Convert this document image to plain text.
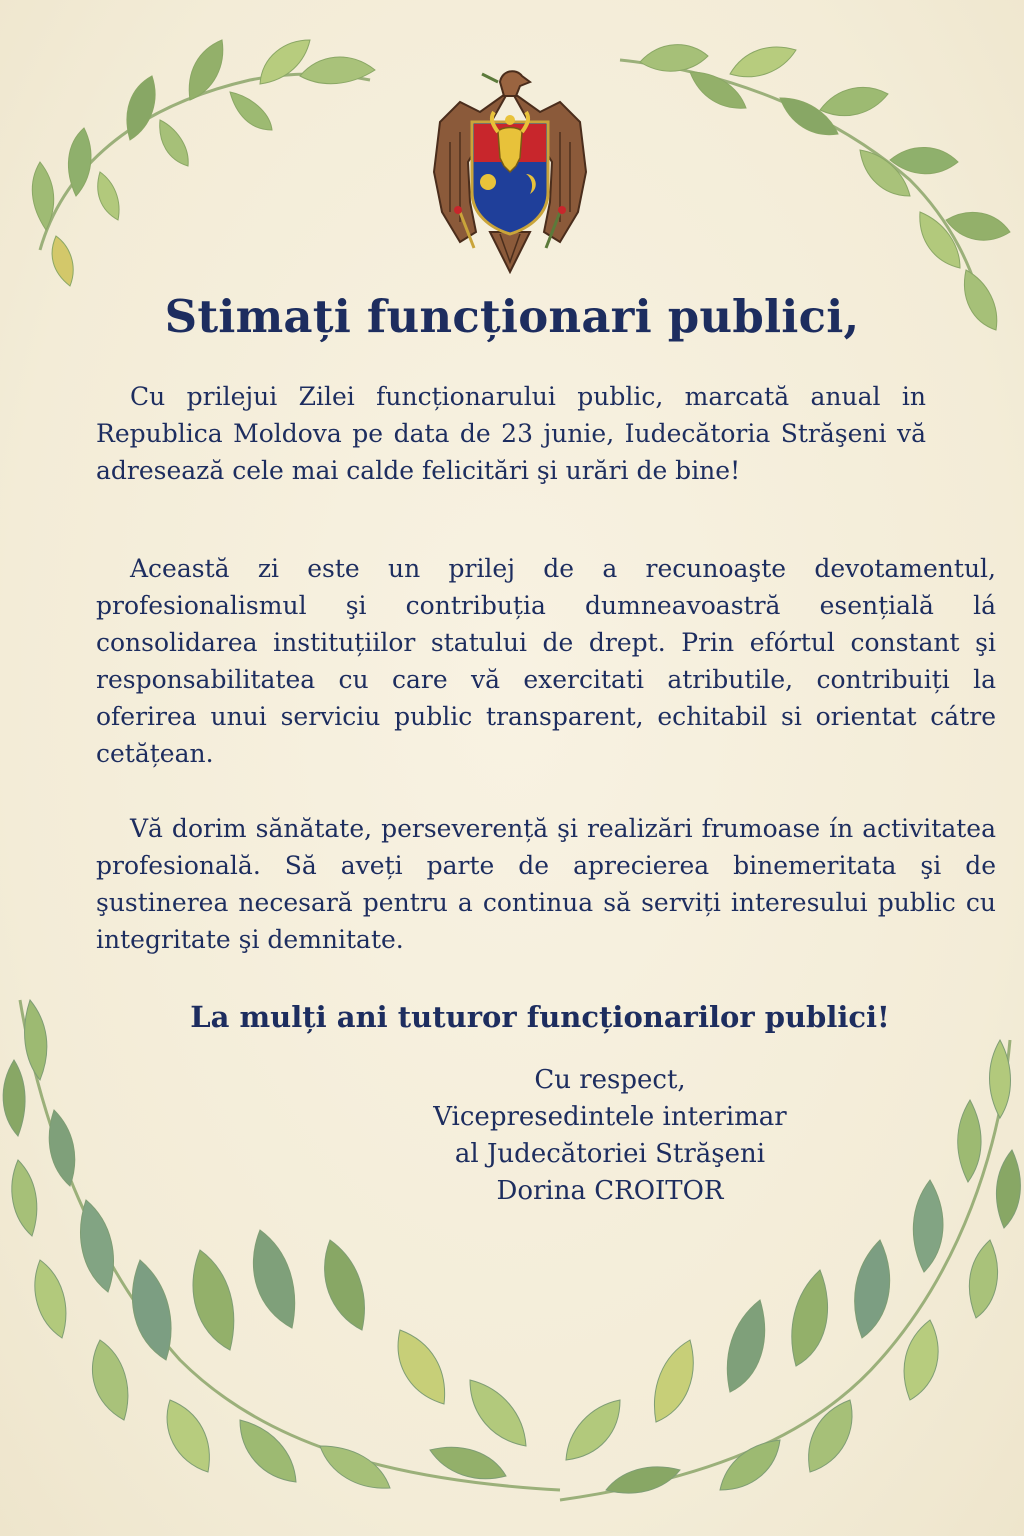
Stimați funcționari publici,

Cu prilejui Zilei funcționarului public, marcată anual in Republica Moldova pe data de 23 junie, Iudecătoria Străşeni vă adresează cele mai calde felicitări şi urări de bine!

Această zi este un prilej de a recunoaşte devotamentul, profesionalismul şi contribuția dumneavoastră esențială lá consolidarea instituțiilor statului de drept. Prin efórtul constant şi responsabilitatea cu care vă exercitati atributile, contribuiți la oferirea unui serviciu public transparent, echitabil si orientat cátre cetățean.

Vă dorim sănătate, perseverență şi realizări frumoase ín activitatea profesională. Să aveți parte de aprecierea binemeritata şi de şustinerea necesară pentru a continua să serviți interesului public cu integritate şi demnitate.

La mulți ani tuturor funcționarilor publici!
Cu respect,
Vicepresedintele interimar
al Judecătoriei Străşeni
Dorina CROITOR
